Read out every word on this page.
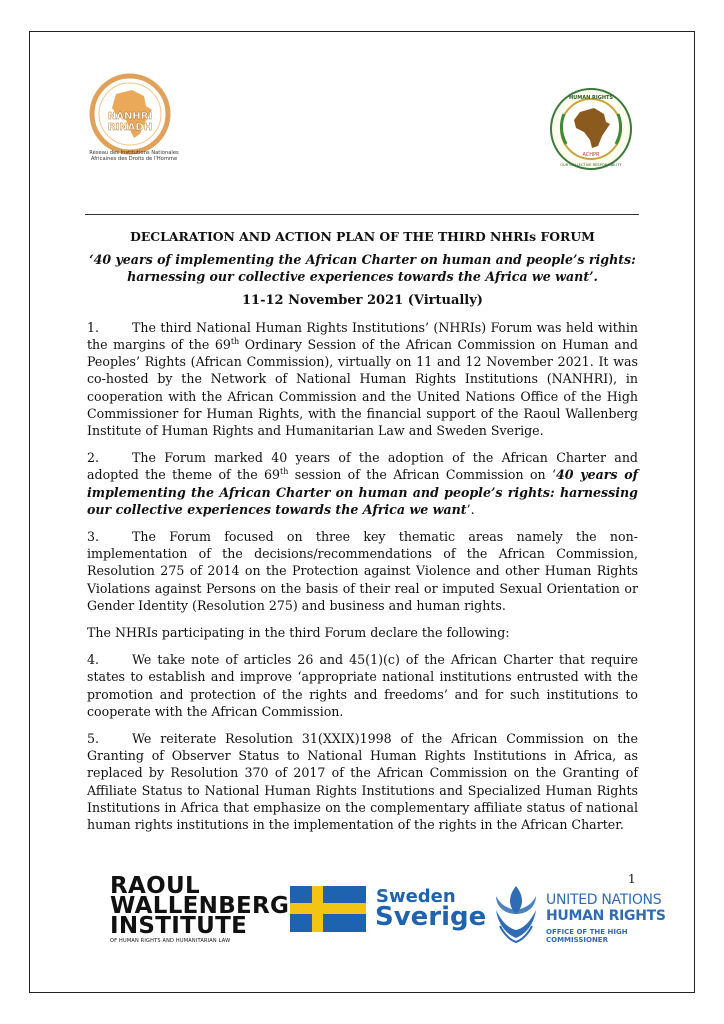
NANHRI
RINADH
Réseau des Institutions Nationales Africaines des Droits de l'Homme
HUMAN RIGHTS
ACHPR
OUR COLLECTIVE RESPONSIBILITY

DECLARATION AND ACTION PLAN OF THE THIRD NHRIs FORUM

‘40 years of implementing the African Charter on human and people’s rights: harnessing our collective experiences towards the Africa we want’.

11-12 November 2021 (Virtually)

1.	The third National Human Rights Institutions’ (NHRIs) Forum was held within the margins of the 69th Ordinary Session of the African Commission on Human and Peoples’ Rights (African Commission), virtually on 11 and 12 November 2021. It was co-hosted by the Network of National Human Rights Institutions (NANHRI), in cooperation with the African Commission and the United Nations Office of the High Commissioner for Human Rights, with the financial support of the Raoul Wallenberg Institute of Human Rights and Humanitarian Law and Sweden Sverige.

2.	The Forum marked 40 years of the adoption of the African Charter and adopted the theme of the 69th session of the African Commission on ‘40 years of implementing the African Charter on human and people’s rights: harnessing our collective experiences towards the Africa we want’.

3.	The Forum focused on three key thematic areas namely the non-implementation of the decisions/recommendations of the African Commission, Resolution 275 of 2014 on the Protection against Violence and other Human Rights Violations against Persons on the basis of their real or imputed Sexual Orientation or Gender Identity (Resolution 275) and business and human rights.

The NHRIs participating in the third Forum declare the following:

4.	We take note of articles 26 and 45(1)(c) of the African Charter that require states to establish and improve ‘appropriate national institutions entrusted with the promotion and protection of the rights and freedoms’ and for such institutions to cooperate with the African Commission.

5.	We reiterate Resolution 31(XXIX)1998 of the African Commission on the Granting of Observer Status to National Human Rights Institutions in Africa, as replaced by Resolution 370 of 2017 of the African Commission on the Granting of Affiliate Status to National Human Rights Institutions and Specialized Human Rights Institutions in Africa that emphasize on the complementary affiliate status of national human rights institutions in the implementation of the rights in the African Charter.

1
RAOUL
WALLENBERG
INSTITUTE
OF HUMAN RIGHTS AND HUMANITARIAN LAW
Sweden
Sverige
UNITED NATIONS
HUMAN RIGHTS
OFFICE OF THE HIGH COMMISSIONER
